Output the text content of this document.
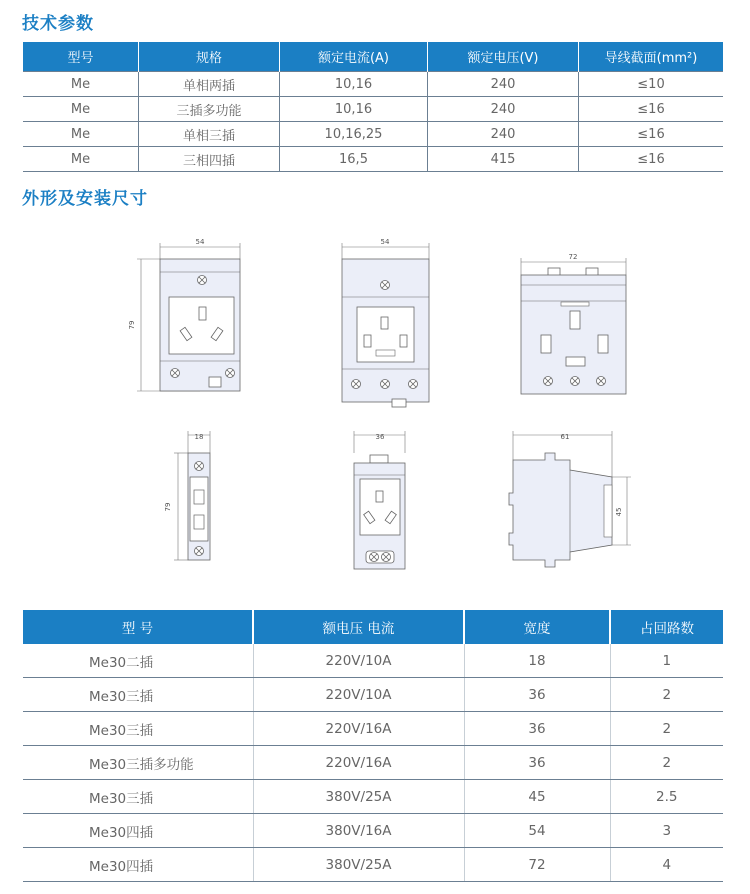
技术参数
型号	规格	额定电流(A)	额定电压(V)	导线截面(mm²)
Me	单相两插	10,16	240	≤10
Me	三插多功能	10,16	240	≤16
Me	单相三插	10,16,25	240	≤16
Me	三相四插	16,5	415	≤16
外形及安装尺寸
54
79
54
72
18
79
36	61
45
型 号	额电压 电流	宽度	占回路数
Me30二插	220V/10A	18	1
Me30三插	220V/10A	36	2
Me30三插	220V/16A	36	2
Me30三插多功能	220V/16A	36	2
Me30三插	380V/25A	45	2.5
Me30四插	380V/16A	54	3
Me30四插	380V/25A	72	4
